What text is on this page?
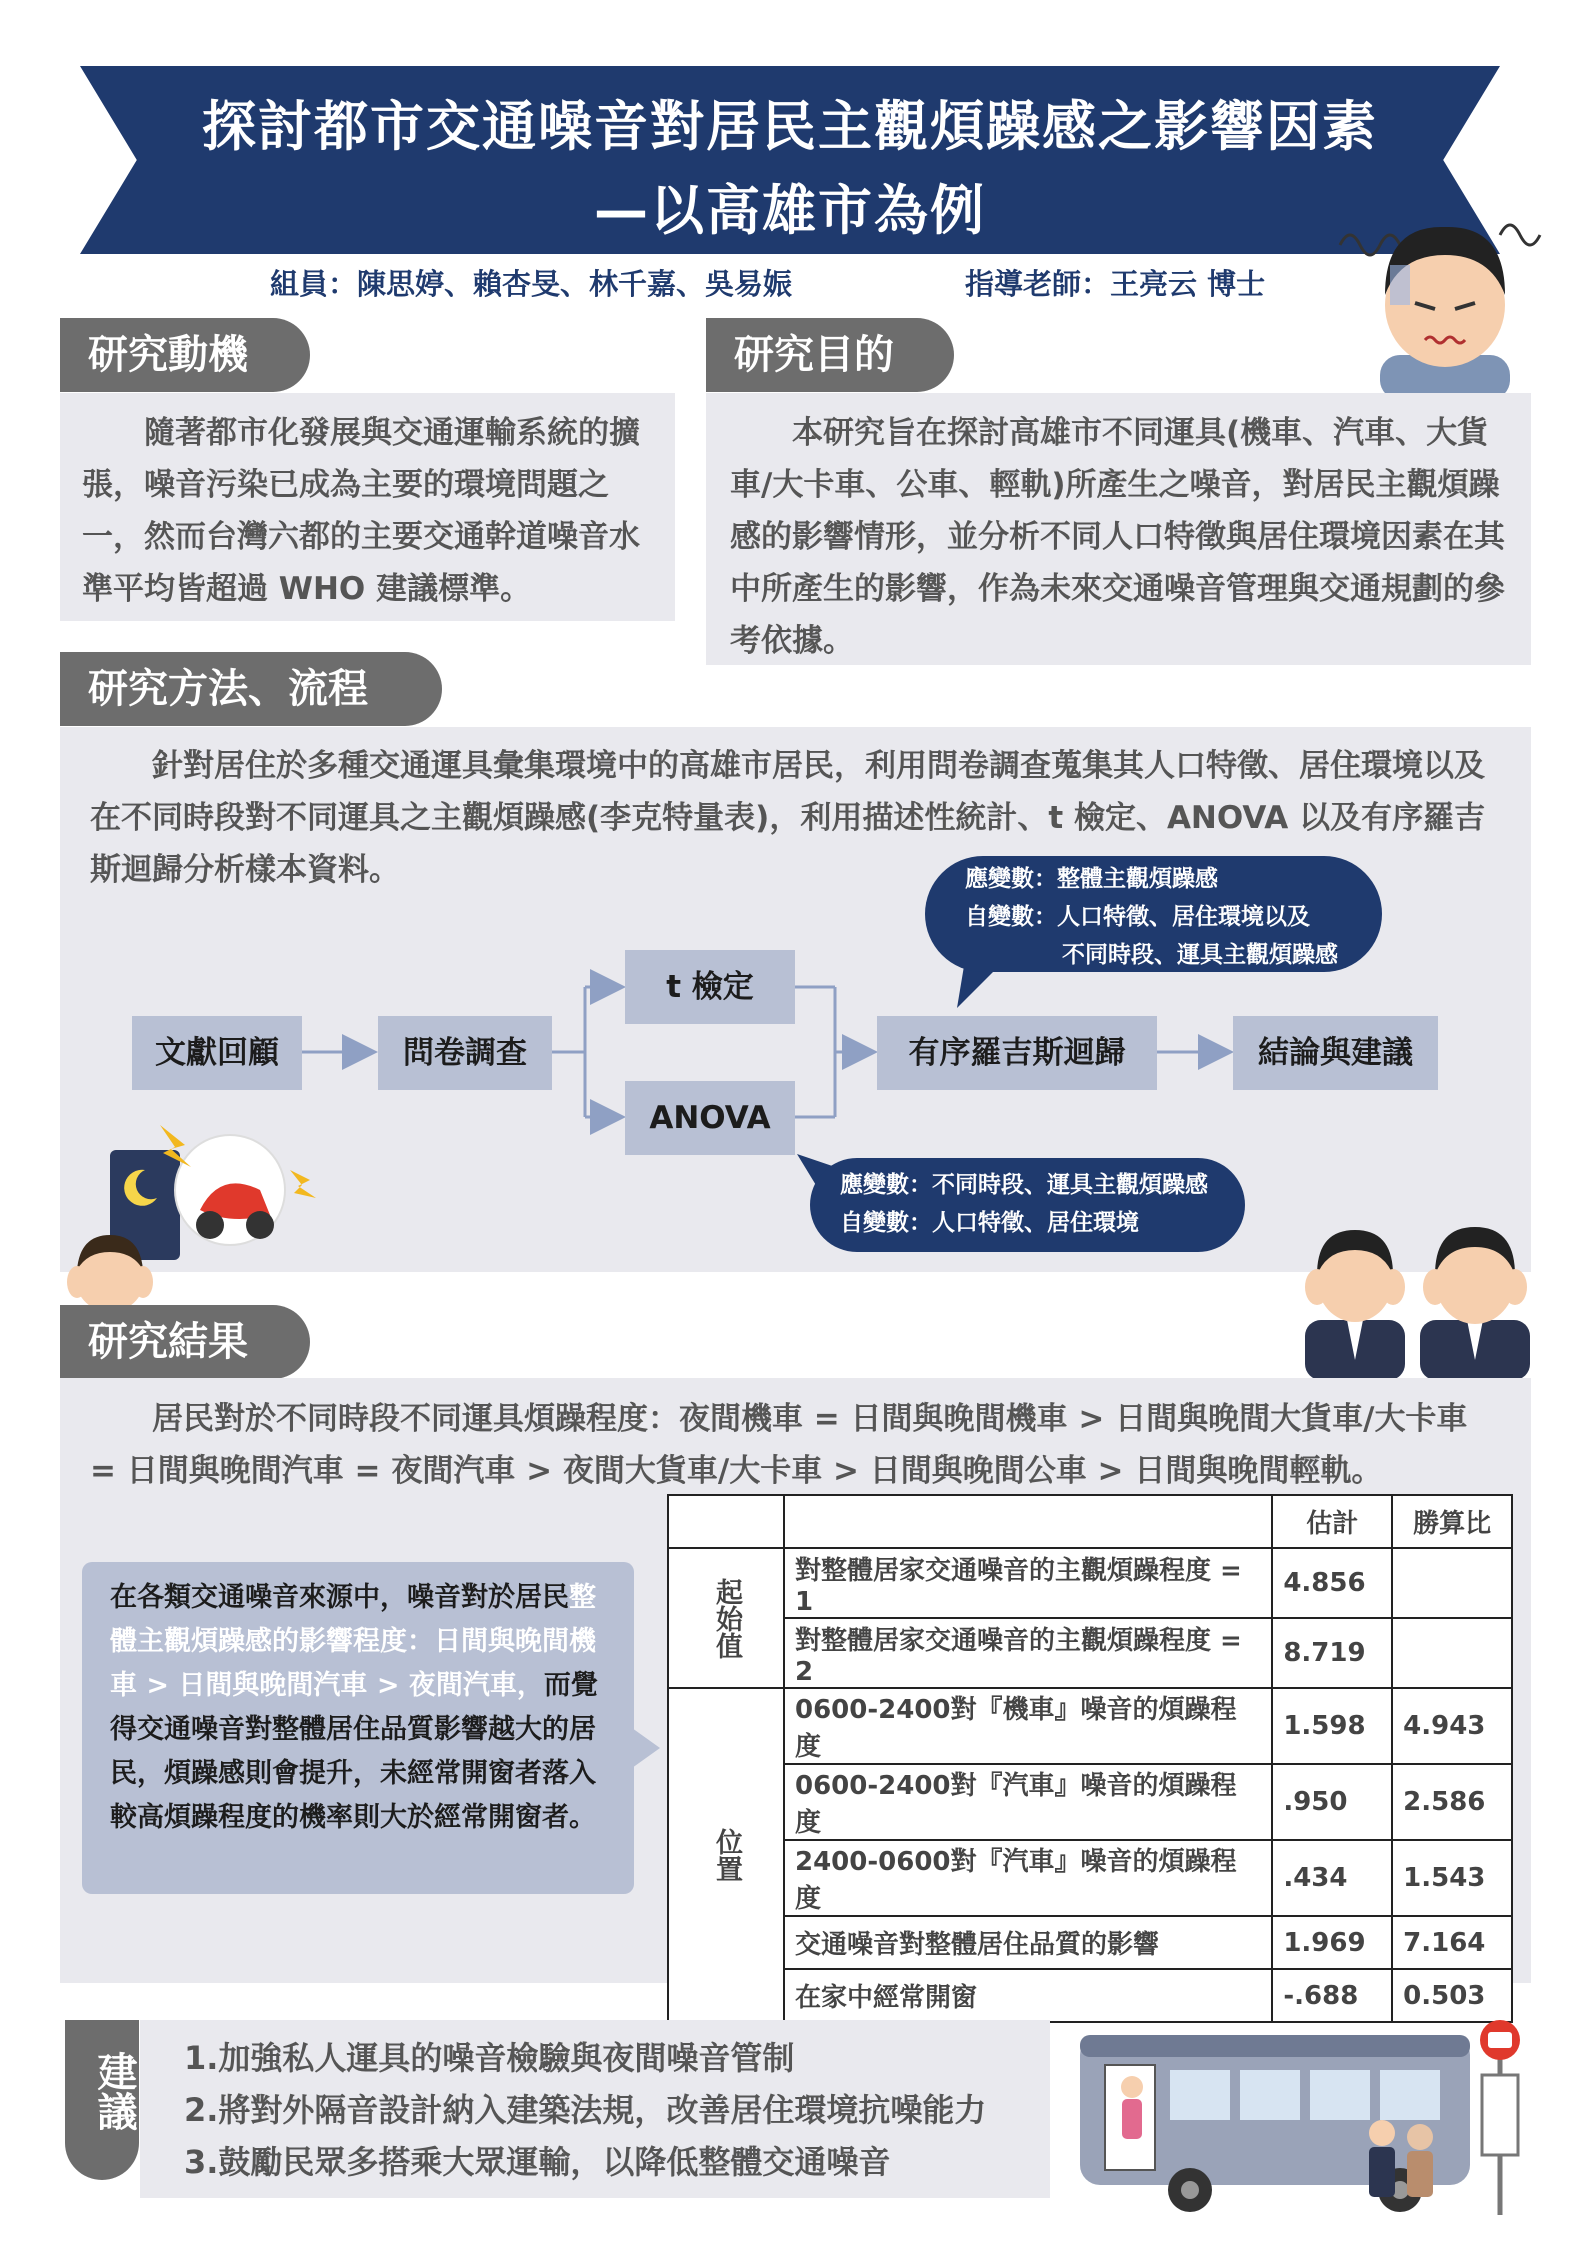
探討都市交通噪音對居民主觀煩躁感之影響因素
—以高雄市為例
組員：陳思婷、賴杏旻、林千嘉、吳易娠	指導老師：王亮云 博士
研究動機

隨著都市化發展與交通運輸系統的擴張，噪音污染已成為主要的環境問題之一，然而台灣六都的主要交通幹道噪音水準平均皆超過 WHO 建議標準。

研究目的

本研究旨在探討高雄市不同運具(機車、汽車、大貨車/大卡車、公車、輕軌)所產生之噪音，對居民主觀煩躁感的影響情形，並分析不同人口特徵與居住環境因素在其中所產生的影響，作為未來交通噪音管理與交通規劃的參考依據。

研究方法、流程

針對居住於多種交通運具彙集環境中的高雄市居民，利用問卷調查蒐集其人口特徵、居住環境以及在不同時段對不同運具之主觀煩躁感(李克特量表)，利用描述性統計、t 檢定、ANOVA 以及有序羅吉斯迴歸分析樣本資料。

文獻回顧	問卷調查
t 檢定
ANOVA
有序羅吉斯迴歸	結論與建議
應變數：整體主觀煩躁感
自變數：人口特徵、居住環境以及
不同時段、運具主觀煩躁感
應變數：不同時段、運具主觀煩躁感
自變數：人口特徵、居住環境
研究結果

居民對於不同時段不同運具煩躁程度：夜間機車 = 日間與晚間機車 > 日間與晚間大貨車/大卡車 = 日間與晚間汽車 = 夜間汽車 > 夜間大貨車/大卡車 > 日間與晚間公車 > 日間與晚間輕軌。

在各類交通噪音來源中，噪音對於居民整體主觀煩躁感的影響程度：日間與晚間機車 > 日間與晚間汽車 > 夜間汽車，而覺得交通噪音對整體居住品質影響越大的居民，煩躁感則會提升，未經常開窗者落入較高煩躁程度的機率則大於經常開窗者。
		估計	勝算比
起始值	對整體居家交通噪音的主觀煩躁程度 = 1	4.856	
	對整體居家交通噪音的主觀煩躁程度 = 2	8.719	
位置	0600-2400對『機車』噪音的煩躁程度	1.598	4.943
	0600-2400對『汽車』噪音的煩躁程度	.950	2.586
	2400-0600對『汽車』噪音的煩躁程度	.434	1.543
	交通噪音對整體居住品質的影響	1.969	7.164
	在家中經常開窗	-.688	0.503
建議 1.加強私人運具的噪音檢驗與夜間噪音管制
2.將對外隔音設計納入建築法規，改善居住環境抗噪能力
3.鼓勵民眾多搭乘大眾運輸，以降低整體交通噪音
